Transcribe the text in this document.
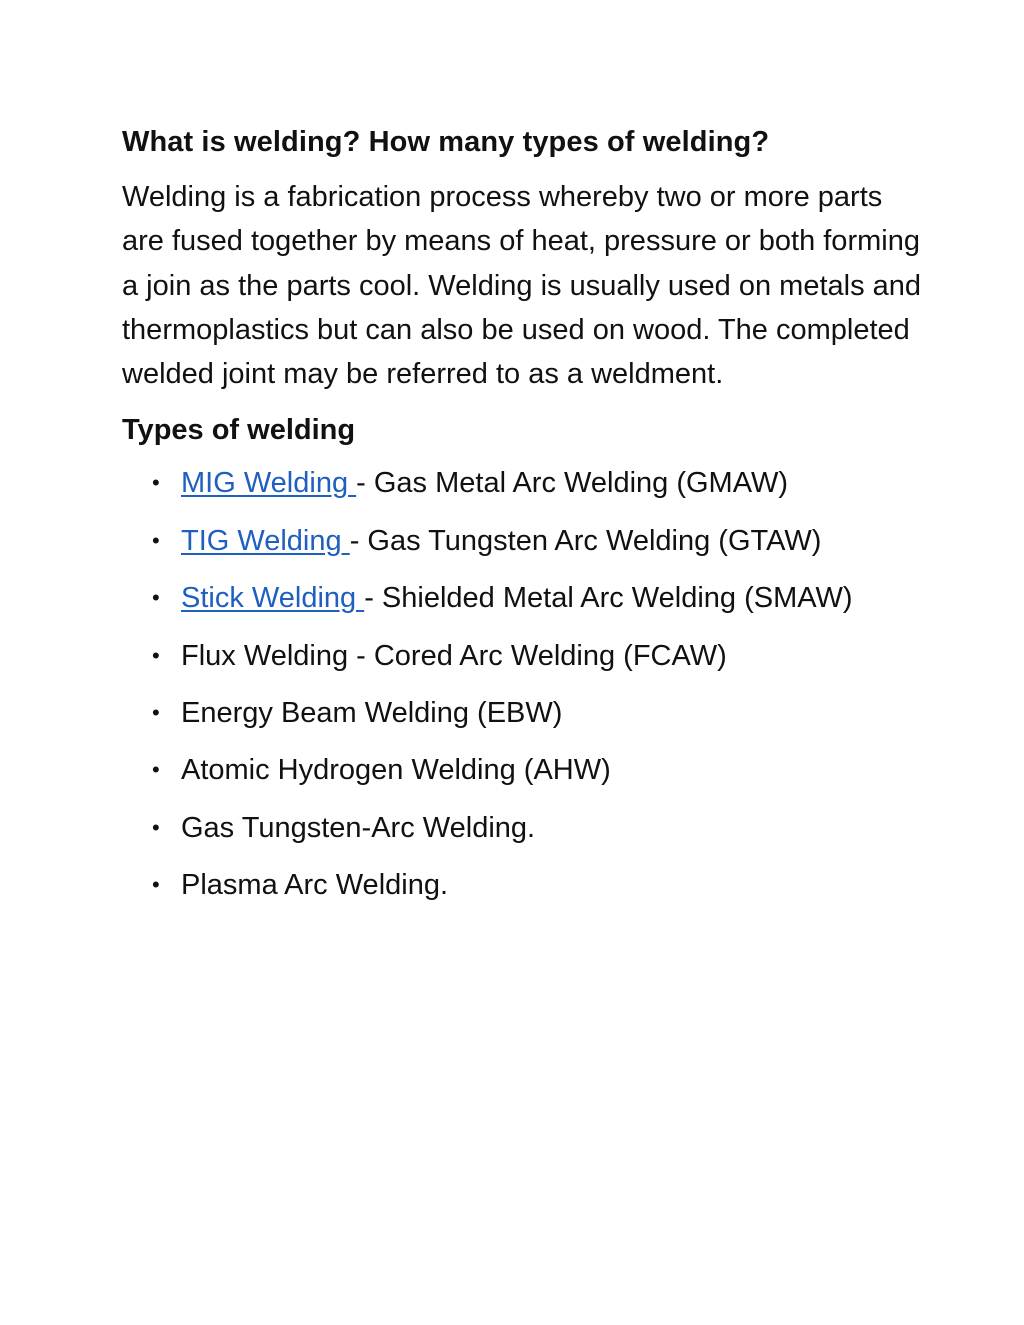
What is welding? How many types of welding?

Welding is a fabrication process whereby two or more parts are fused together by means of heat, pressure or both forming a join as the parts cool. Welding is usually used on metals and thermoplastics but can also be used on wood. The completed welded joint may be referred to as a weldment.

Types of welding
• MIG Welding - Gas Metal Arc Welding (GMAW)
• TIG Welding - Gas Tungsten Arc Welding (GTAW)
• Stick Welding - Shielded Metal Arc Welding (SMAW)
• Flux Welding - Cored Arc Welding (FCAW)
• Energy Beam Welding (EBW)
• Atomic Hydrogen Welding (AHW)
• Gas Tungsten-Arc Welding.
• Plasma Arc Welding.
